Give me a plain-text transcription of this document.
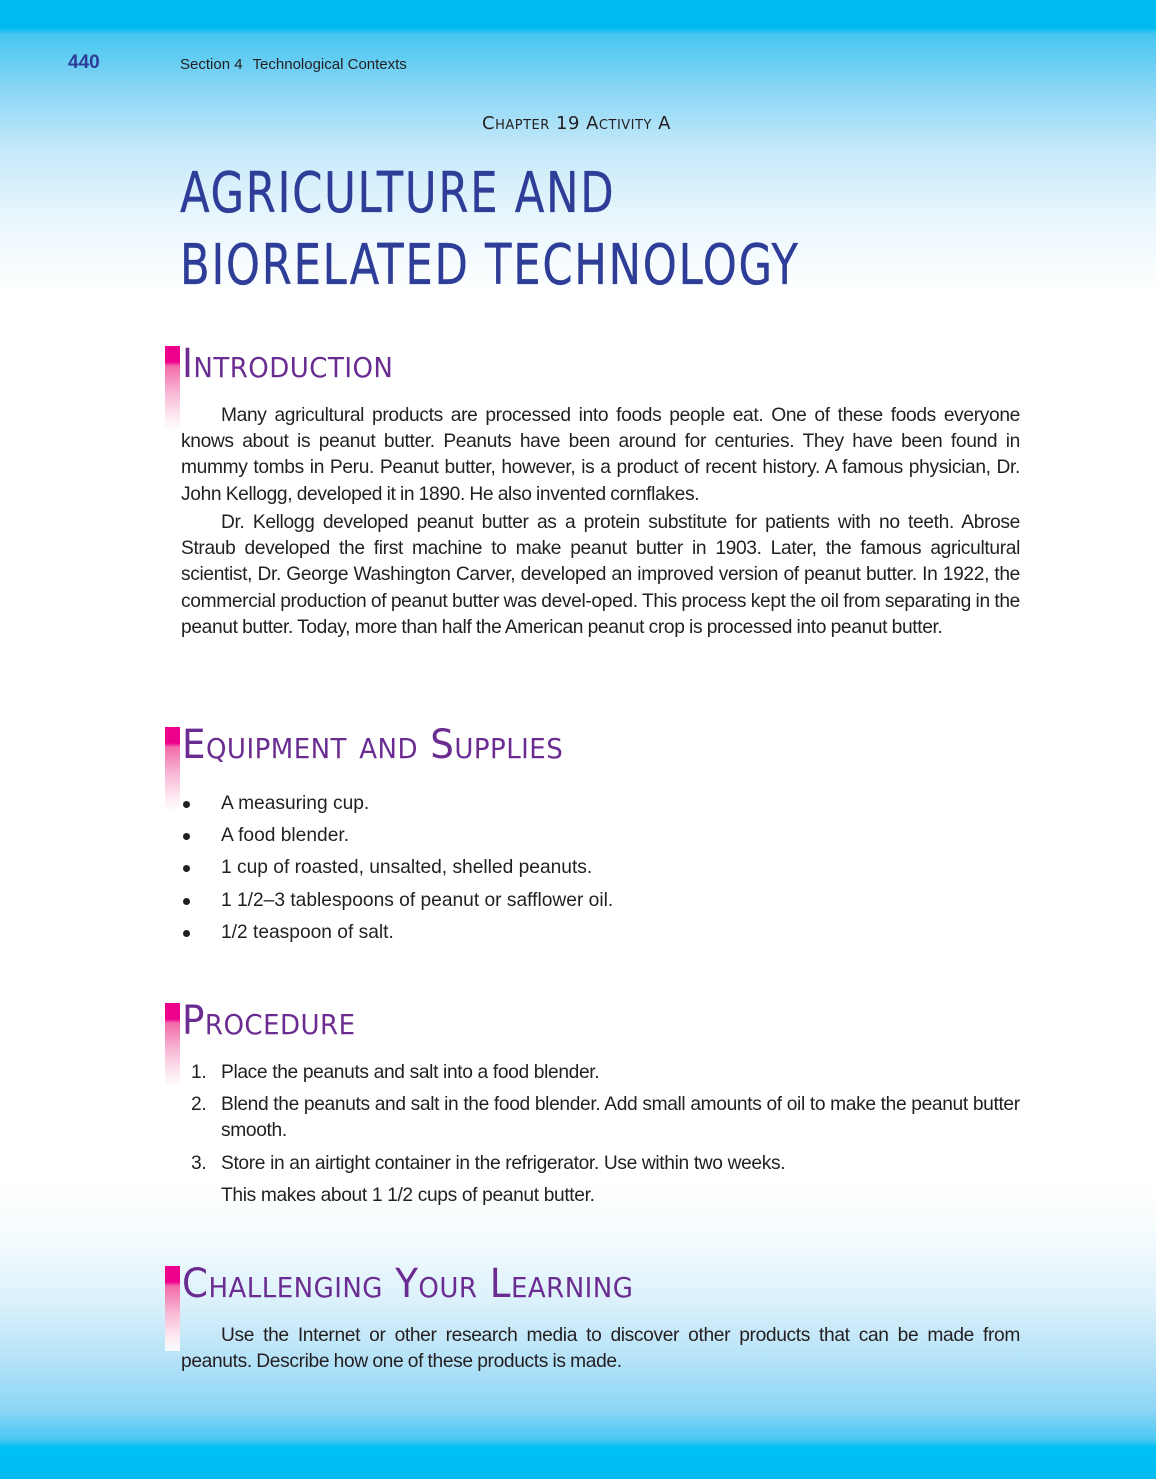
440	Section 4 Technological Contexts
Chapter 19 Activity A
AGRICULTURE AND
BIORELATED TECHNOLOGY
Introduction

Many agricultural products are processed into foods people eat. One of these foods everyone knows about is peanut butter. Peanuts have been around for centuries. They have been found in mummy tombs in Peru. Peanut butter, however, is a product of recent history. A famous physician, Dr. John Kellogg, developed it in 1890. He also invented cornflakes.

Dr. Kellogg developed peanut butter as a protein substitute for patients with no teeth. Abrose Straub developed the first machine to make peanut butter in 1903. Later, the famous agricultural scientist, Dr. George Washington Carver, developed an improved version of peanut butter. In 1922, the commercial production of peanut butter was devel-oped. This process kept the oil from separating in the peanut butter. Today, more than half the American peanut crop is processed into peanut butter.

Equipment and Supplies
A measuring cup.
A food blender.
1 cup of roasted, unsalted, shelled peanuts.
1 1/2–3 tablespoons of peanut or safflower oil.
1/2 teaspoon of salt.
Procedure
1. Place the peanuts and salt into a food blender.
2. Blend the peanuts and salt in the food blender. Add small amounts of oil to make the peanut butter smooth.
3. Store in an airtight container in the refrigerator. Use within two weeks.
This makes about 1 1/2 cups of peanut butter.
Challenging Your Learning

Use the Internet or other research media to discover other products that can be made from peanuts. Describe how one of these products is made.
